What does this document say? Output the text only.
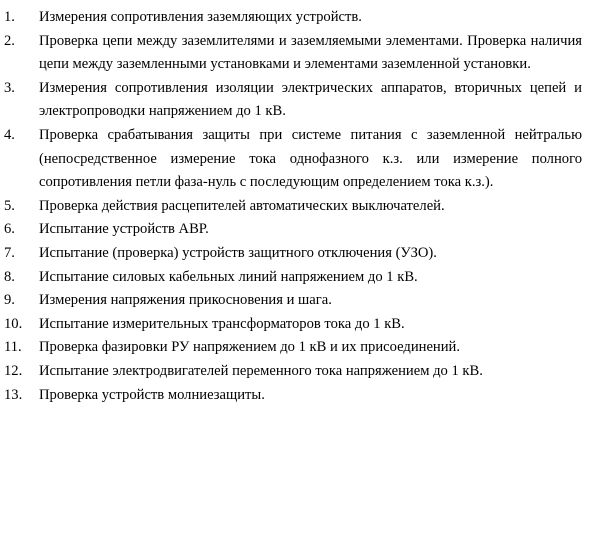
1. Измерения сопротивления заземляющих устройств.
2. Проверка цепи между заземлителями и заземляемыми элементами. Проверка наличия цепи между заземленными установками и элементами заземленной установки.
3. Измерения сопротивления изоляции электрических аппаратов, вторичных цепей и электропроводки напряжением до 1 кВ.
4. Проверка срабатывания защиты при системе питания с заземленной нейтралью (непосредственное измерение тока однофазного к.з. или измерение полного сопротивления петли фаза-нуль с последующим определением тока к.з.).
5. Проверка действия расцепителей автоматических выключателей.
6. Испытание устройств АВР.
7. Испытание (проверка) устройств защитного отключения (УЗО).
8. Испытание силовых кабельных линий напряжением до 1 кВ.
9. Измерения напряжения прикосновения и шага.
10. Испытание измерительных трансформаторов тока до 1 кВ.
11. Проверка фазировки РУ напряжением до 1 кВ и их присоединений.
12. Испытание электродвигателей переменного тока напряжением до 1 кВ.
13. Проверка устройств молниезащиты.
